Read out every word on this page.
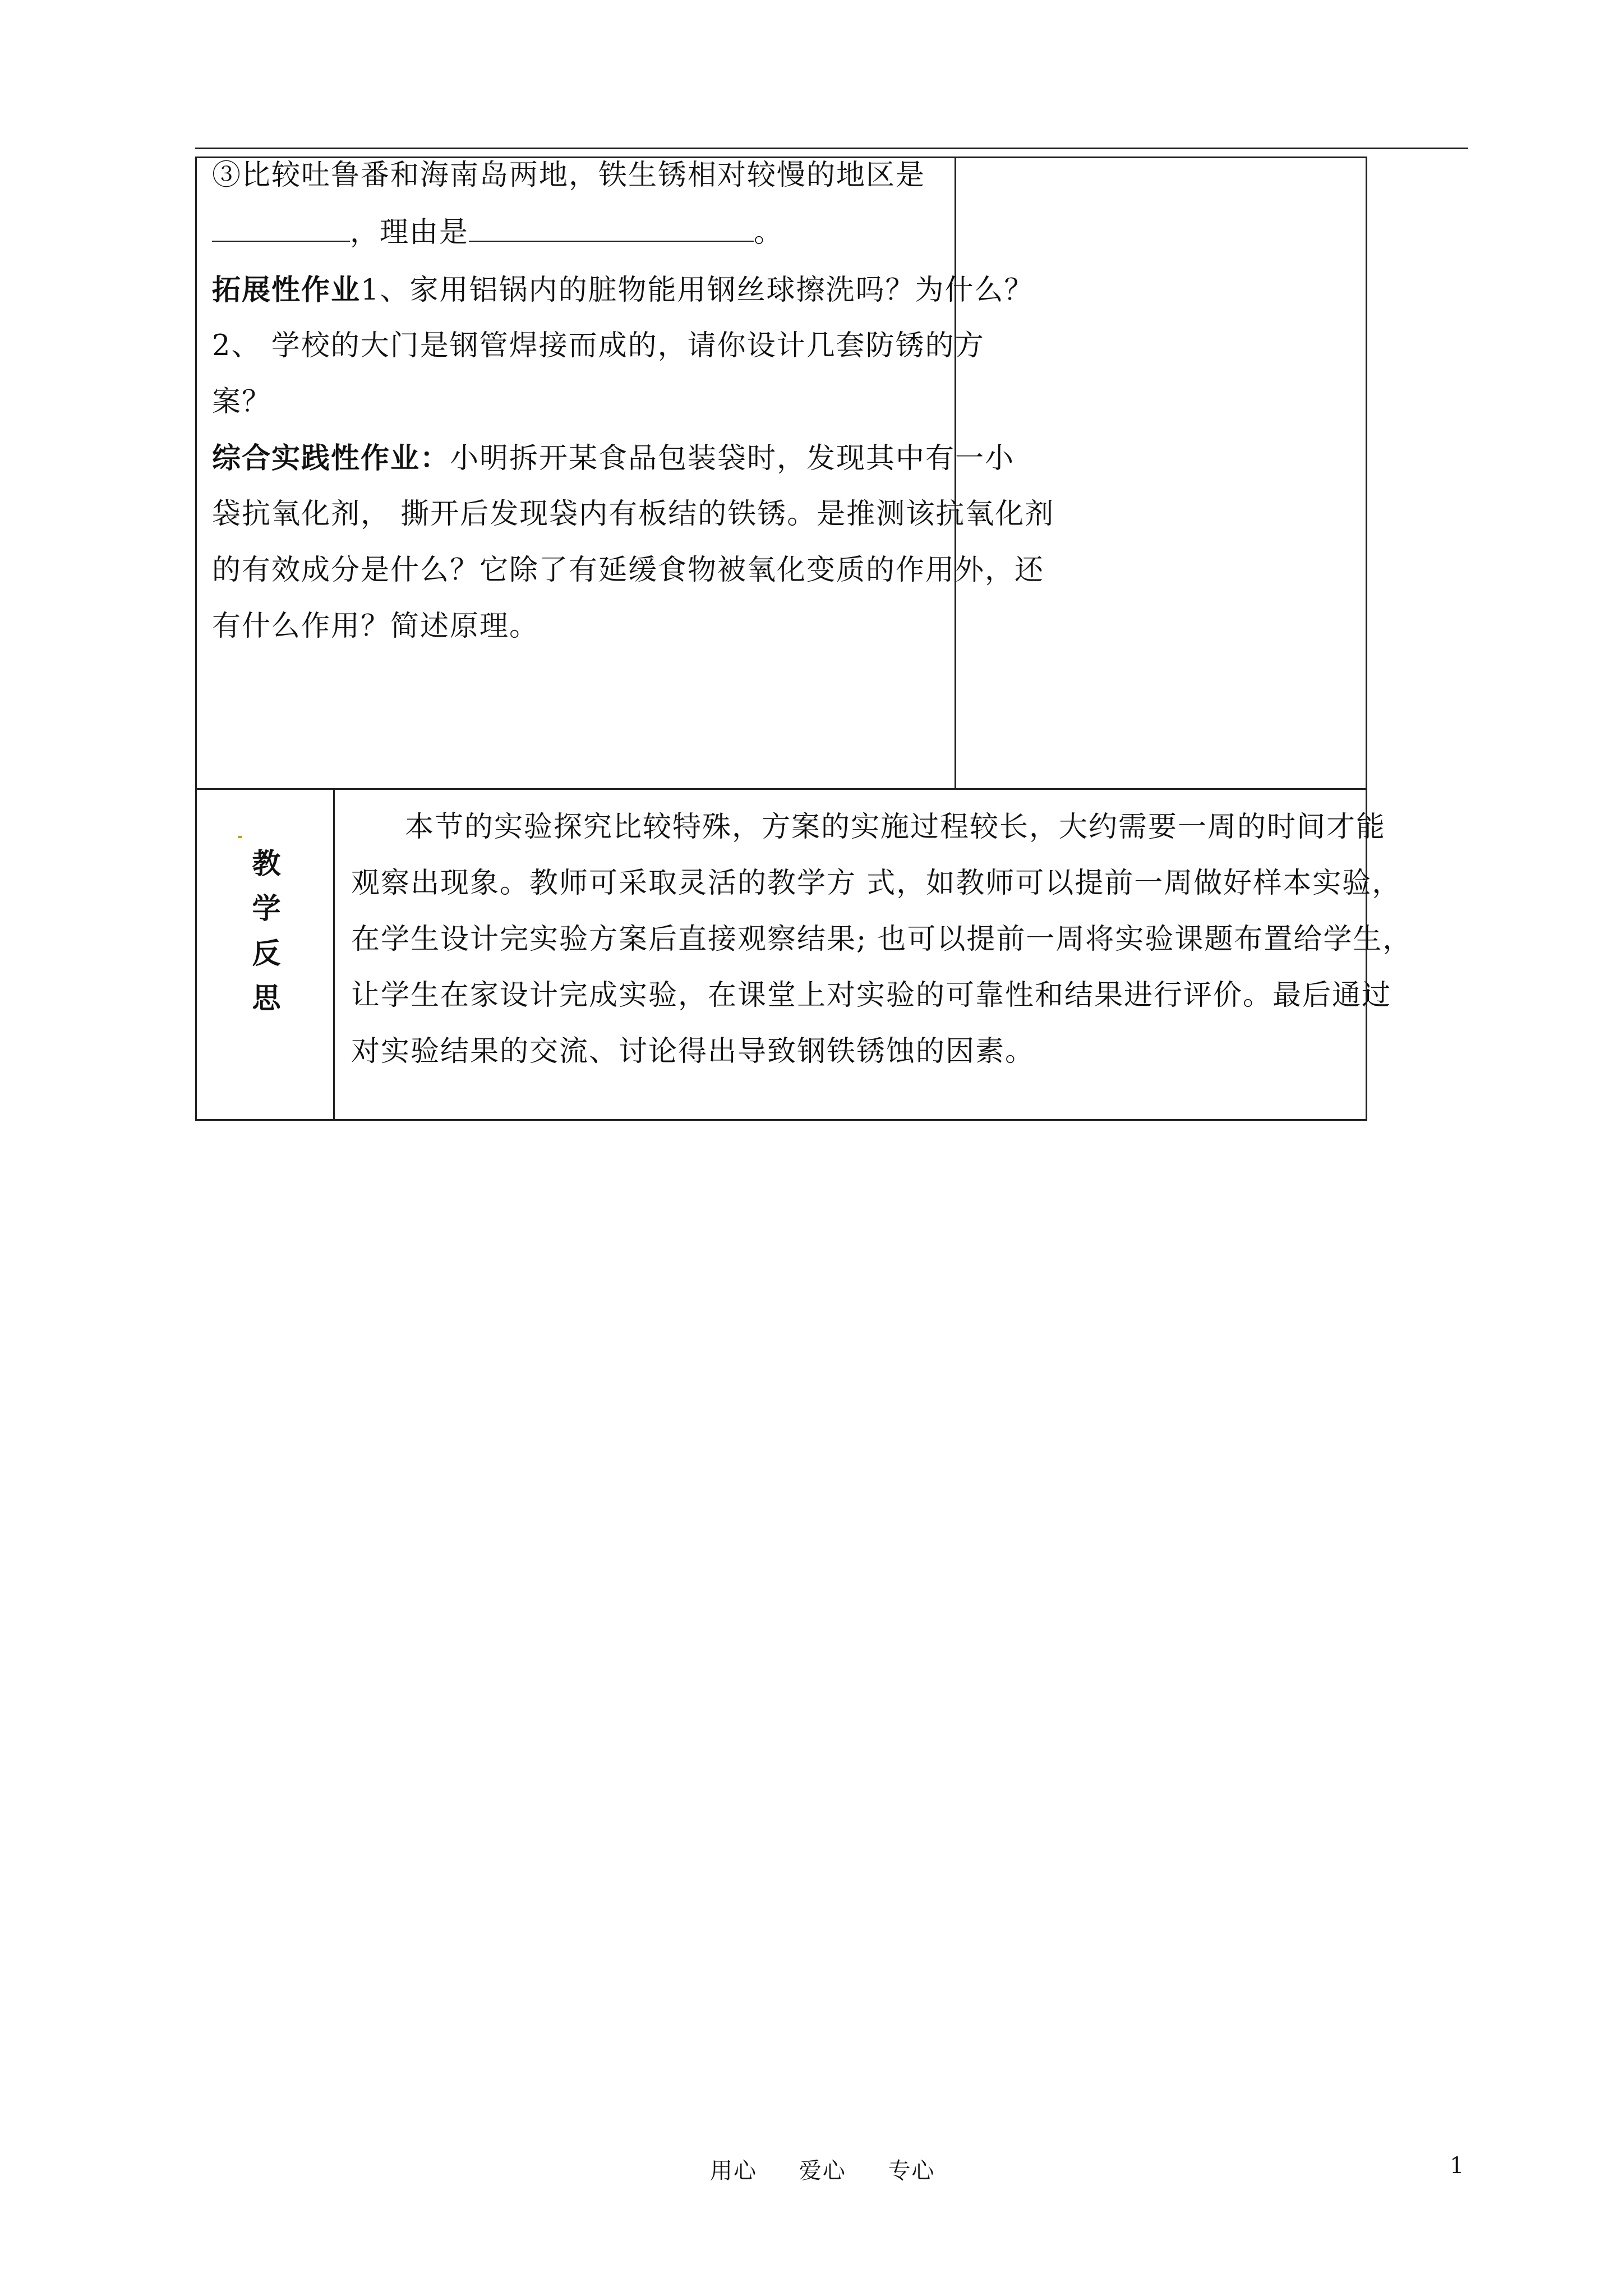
③比较吐鲁番和海南岛两地，铁生锈相对较慢的地区是
，理由是	。
拓展性作业1、家用铝锅内的脏物能用钢丝球擦洗吗？为什么？
2、 学校的大门是钢管焊接而成的，请你设计几套防锈的方
案？
综合实践性作业：小明拆开某食品包装袋时，发现其中有一小
袋抗氧化剂， 撕开后发现袋内有板结的铁锈。是推测该抗氧化剂
的有效成分是什么？它除了有延缓食物被氧化变质的作用外，还
有什么作用？简述原理。
教
学
反
思
本节的实验探究比较特殊，方案的实施过程较长，大约需要一周的时间才能
观察出现象。教师可采取灵活的教学方 式，如教师可以提前一周做好样本实验，
在学生设计完实验方案后直接观察结果; 也可以提前一周将实验课题布置给学生，
让学生在家设计完成实验，在课堂上对实验的可靠性和结果进行评价。最后通过
对实验结果的交流、讨论得出导致钢铁锈蚀的因素。
用心 爱心 专心	1
